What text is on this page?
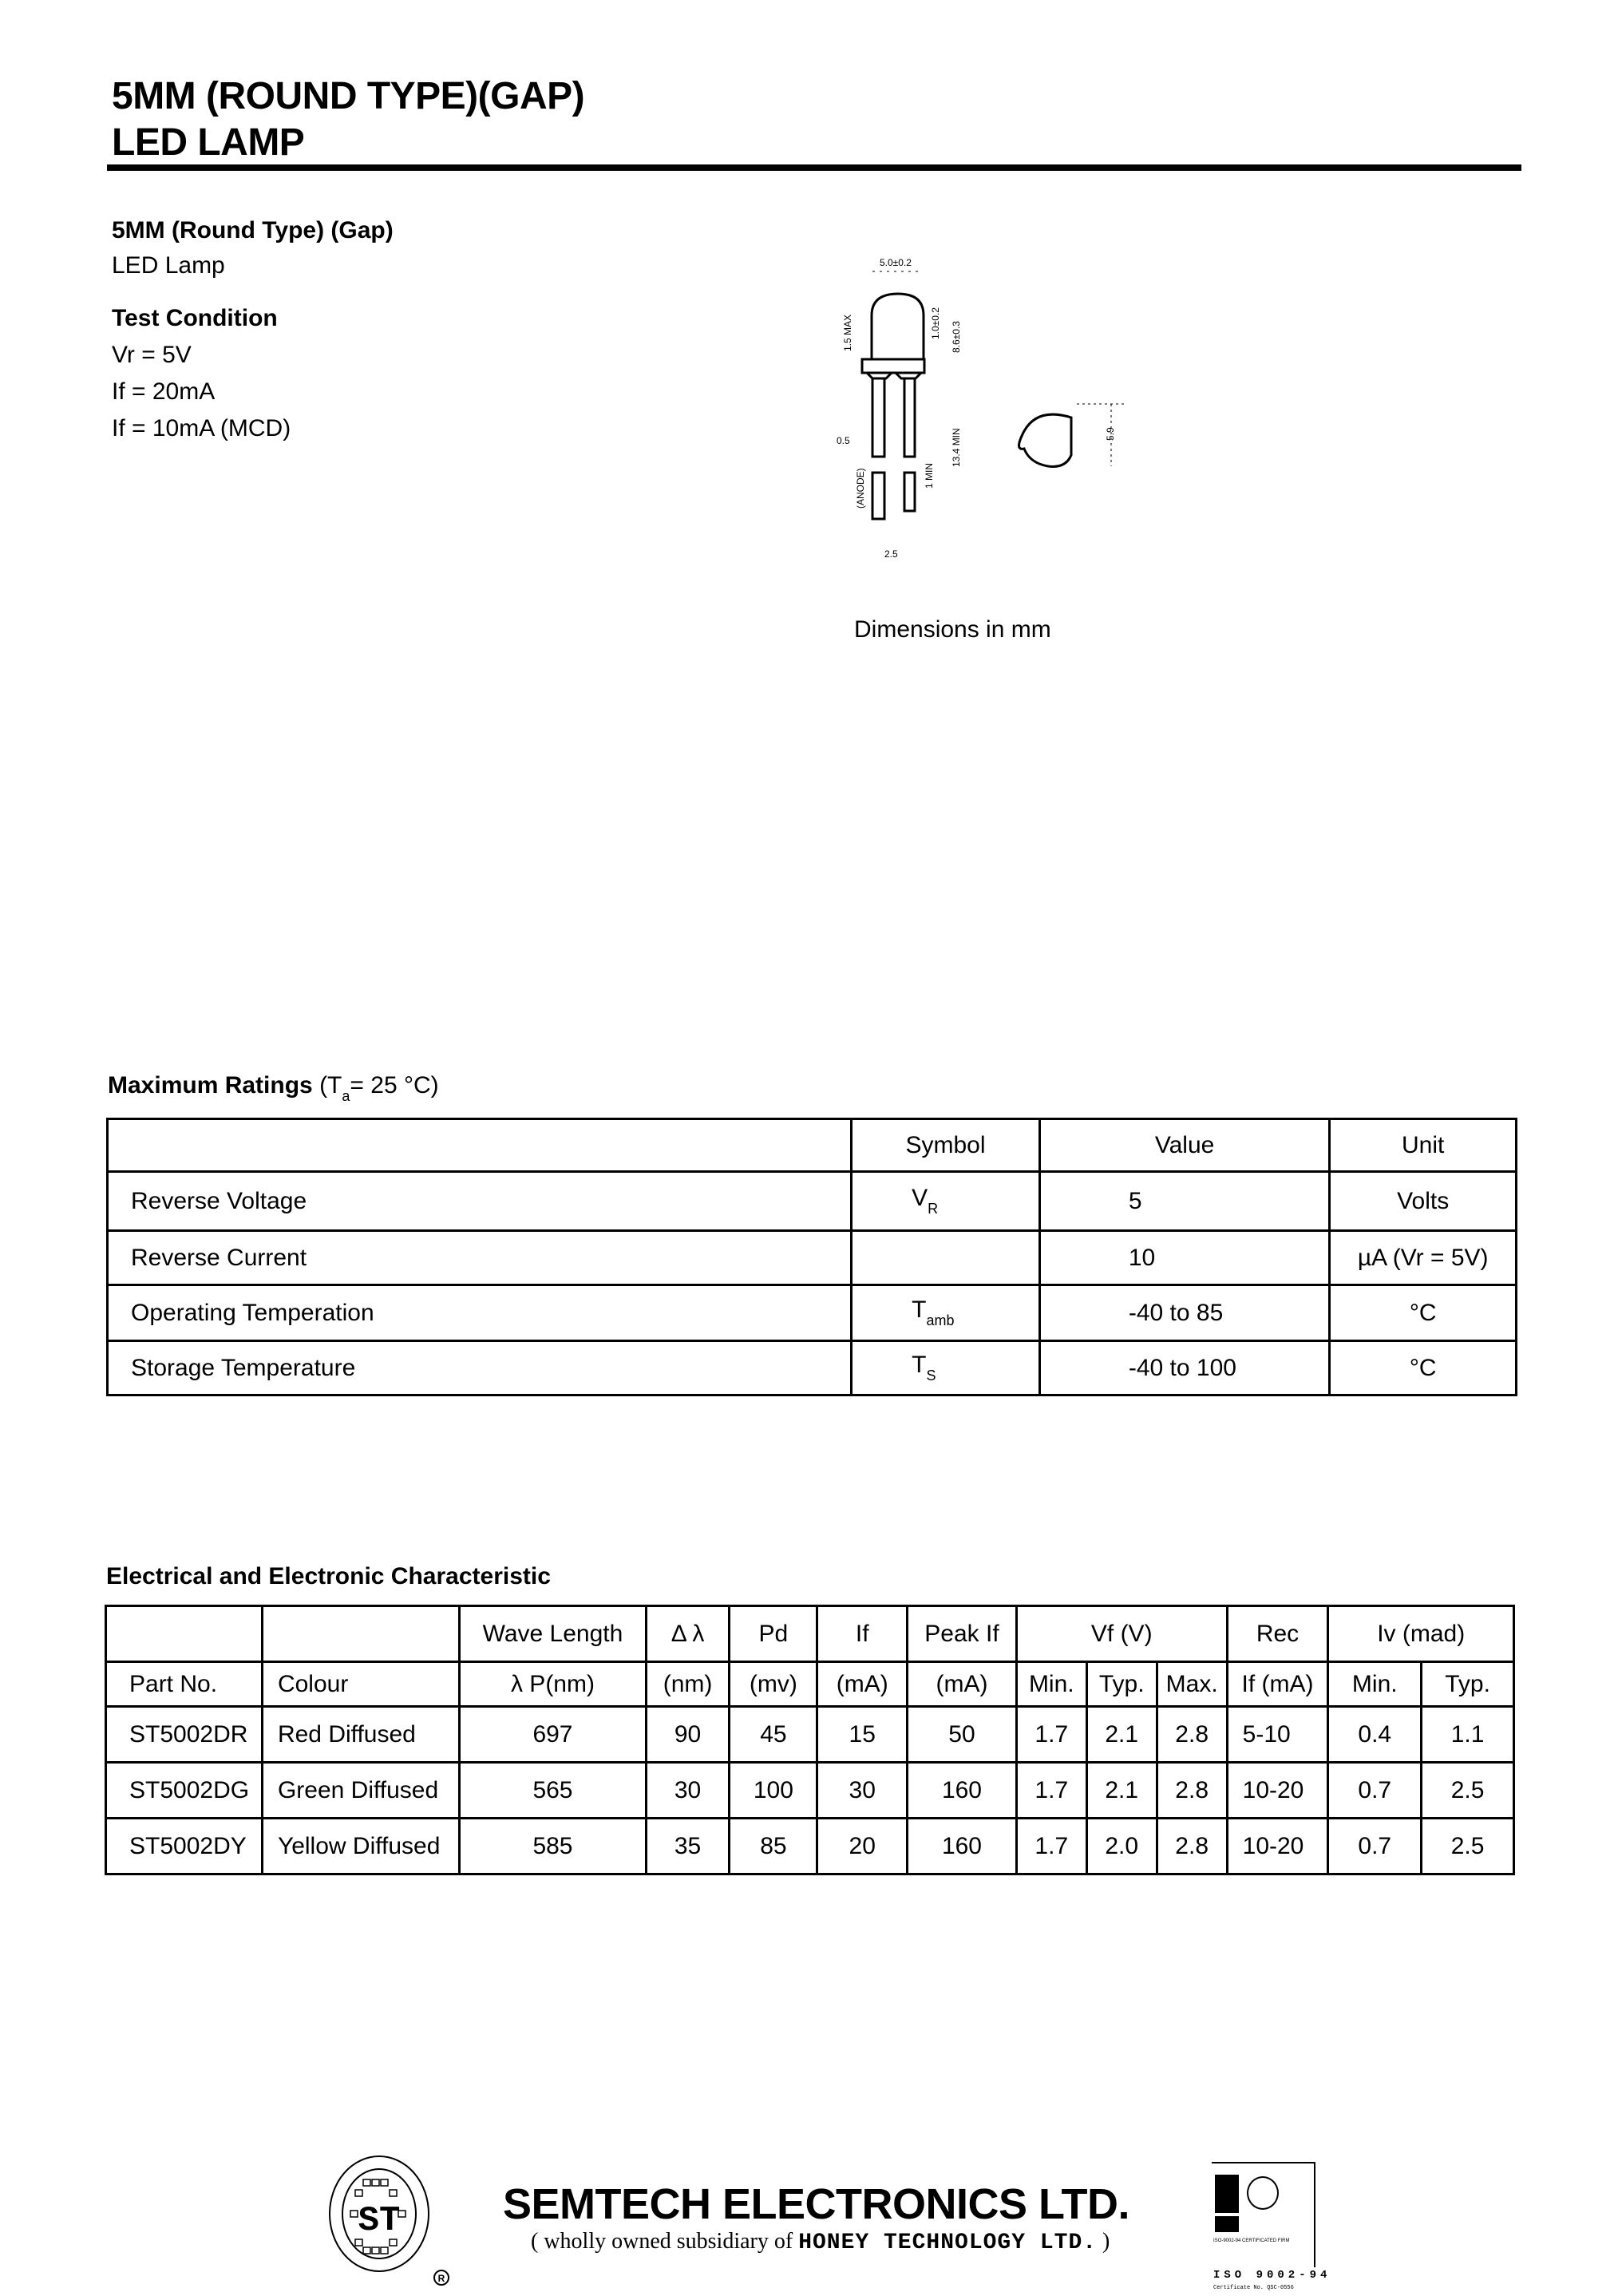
5MM (ROUND TYPE)(GAP)
LED LAMP
5MM (Round Type) (Gap)
LED Lamp
Test Condition
Vr = 5V
If = 20mA
If = 10mA (MCD)
5.0±0.2
1.5 MAX	1.0±0.2 8.6±0.3
0.5	13.4 MIN
(ANODE)	1 MIN
2.5
5.9
Dimensions in mm
Maximum Ratings ($T_a= 25$ °C)
	Symbol	Value	Unit
Reverse Voltage	$V_R$	5	Volts
Reverse Current		10	µA (Vr = 5V)
Operating Temperation	$T_{amb}$	-40 to 85	°C
Storage Temperature	$T_S$	-40 to 100	°C
Electrical and Electronic Characteristic
		Wave Length	Δ λ	Pd	If	Peak If	Vf (V)			Rec	Iv (mad)	
Part No.	Colour	λ P(nm)	(nm)	(mv)	(mA)	(mA)	Min.	Typ.	Max.	If (mA)	Min.	Typ.
ST5002DR	Red Diffused	697	90	45	15	50	1.7	2.1	2.8	5-10	0.4	1.1
ST5002DG	Green Diffused	565	30	100	30	160	1.7	2.1	2.8	10-20	0.7	2.5
ST5002DY	Yellow Diffused	585	35	85	20	160	1.7	2.0	2.8	10-20	0.7	2.5
ST
R
SEMTECH ELECTRONICS LTD.
( wholly owned subsidiary of HONEY TECHNOLOGY LTD. )	ISO-9002-94 CERTIFICATED FIRM
ISO 9002-94
Certificate No. QSC-0556
